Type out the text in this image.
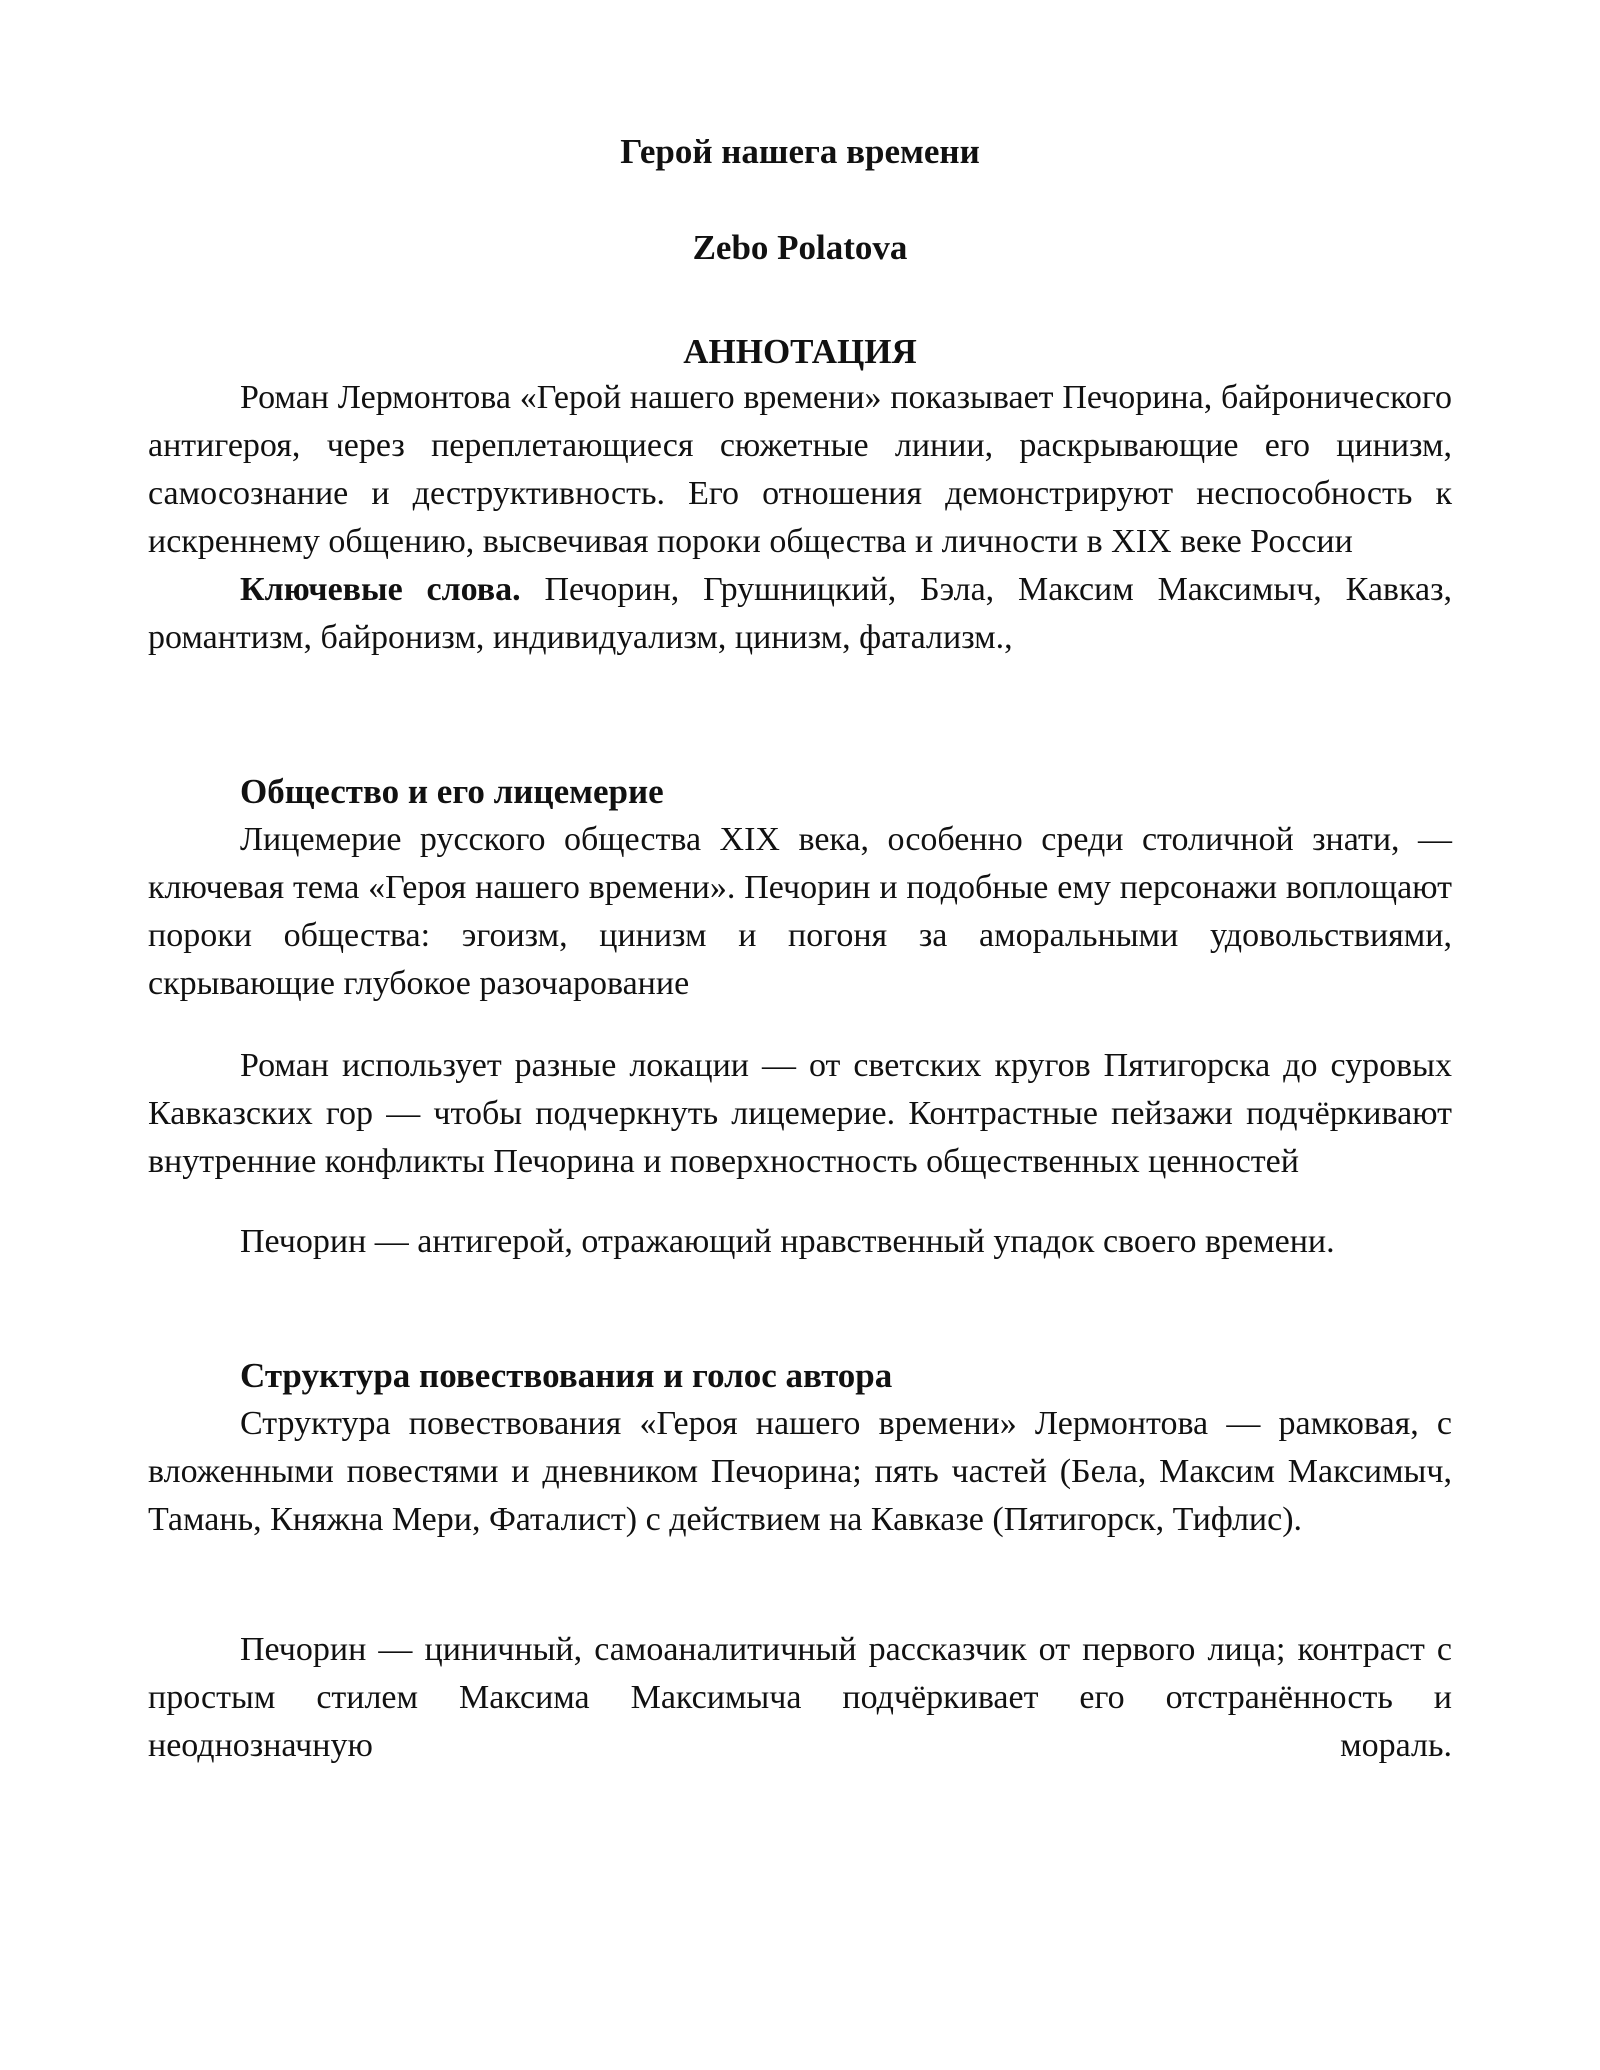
Герой нашега времени
Zebo Polatova
АННОТАЦИЯ

Роман Лермонтова «Герой нашего времени» показывает Печорина, байронического антигероя, через переплетающиеся сюжетные линии, раскрывающие его цинизм, самосознание и деструктивность. Его отношения демонстрируют неспособность к искреннему общению, высвечивая пороки общества и личности в XIX веке России

Ключевые слова. Печорин, Грушницкий, Бэла, Максим Максимыч, Кавказ, романтизм, байронизм, индивидуализм, цинизм, фатализм.,

Общество и его лицемерие

Лицемерие русского общества XIX века, особенно среди столичной знати, — ключевая тема «Героя нашего времени». Печорин и подобные ему персонажи воплощают пороки общества: эгоизм, цинизм и погоня за аморальными удовольствиями, скрывающие глубокое разочарование

Роман использует разные локации — от светских кругов Пятигорска до суровых Кавказских гор — чтобы подчеркнуть лицемерие. Контрастные пейзажи подчёркивают внутренние конфликты Печорина и поверхностность общественных ценностей

Печорин — антигерой, отражающий нравственный упадок своего времени.

Структура повествования и голос автора

Структура повествования «Героя нашего времени» Лермонтова — рамковая, с вложенными повестями и дневником Печорина; пять частей (Бела, Максим Максимыч, Тамань, Княжна Мери, Фаталист) с действием на Кавказе (Пятигорск, Тифлис).

Печорин — циничный, самоаналитичный рассказчик от первого лица; контраст с простым стилем Максима Максимыча подчёркивает его отстранённость и неоднозначную мораль.
